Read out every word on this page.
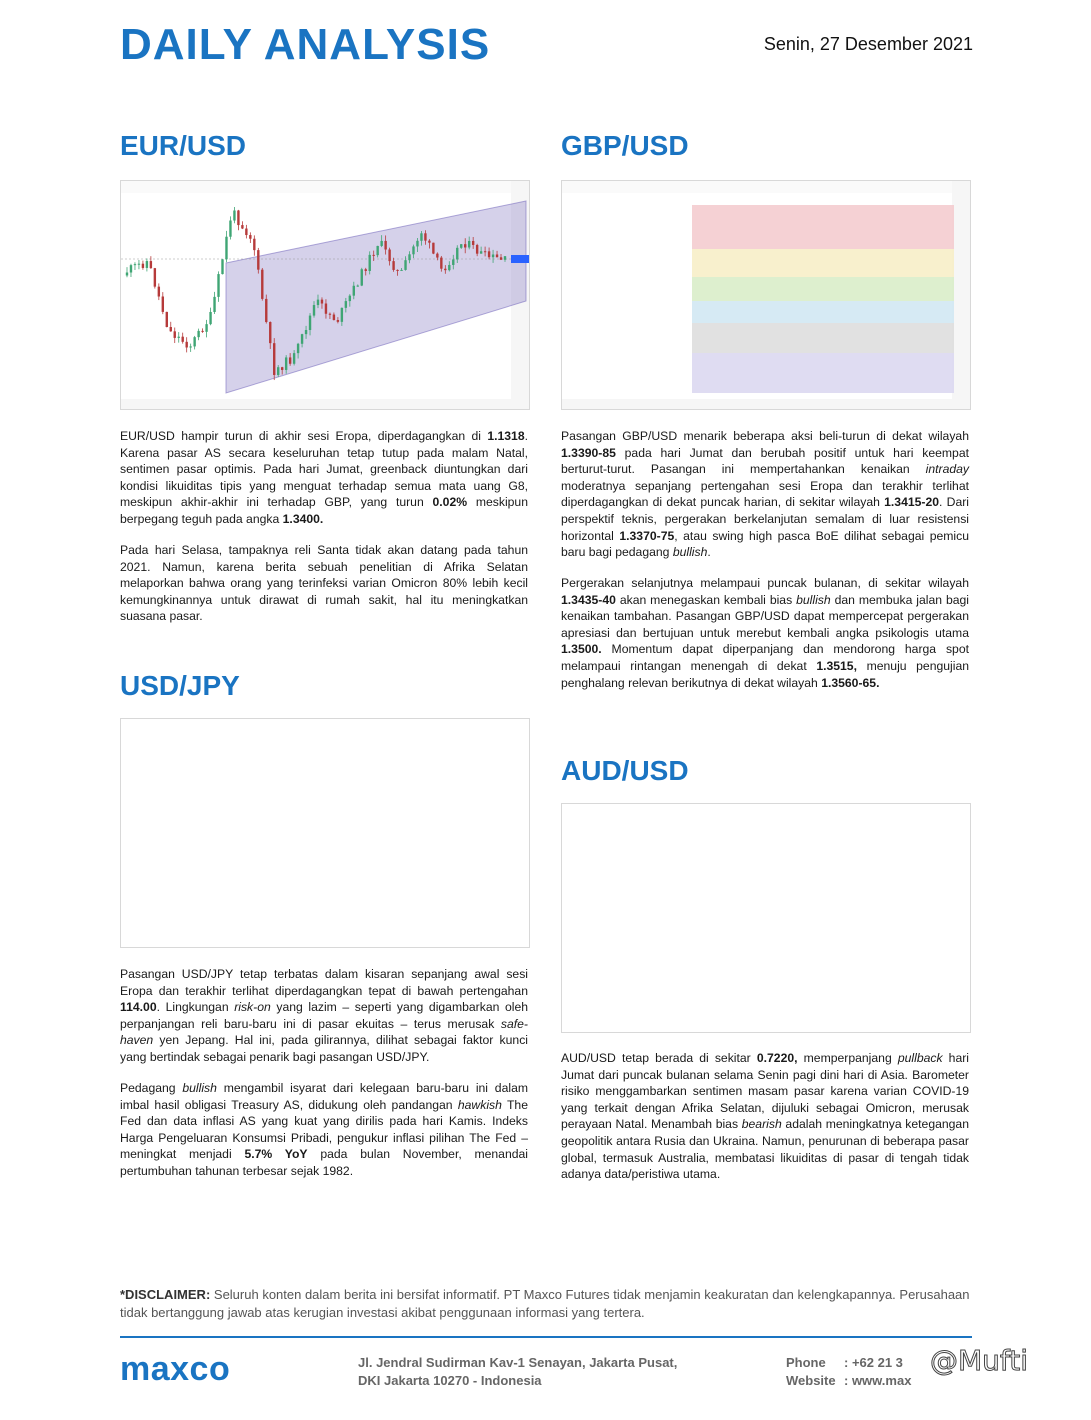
DAILY ANALYSIS	Senin, 27 Desember 2021
EUR/USD
EUR/USD hampir turun di akhir sesi Eropa, diperdagangkan di 1.1318. Karena pasar AS secara keseluruhan tetap tutup pada malam Natal, sentimen pasar optimis. Pada hari Jumat, greenback diuntungkan dari kondisi likuiditas tipis yang menguat terhadap semua mata uang G8, meskipun akhir-akhir ini terhadap GBP, yang turun 0.02% meskipun berpegang teguh pada angka 1.3400.
Pada hari Selasa, tampaknya reli Santa tidak akan datang pada tahun 2021. Namun, karena berita sebuah penelitian di Afrika Selatan melaporkan bahwa orang yang terinfeksi varian Omicron 80% lebih kecil kemungkinannya untuk dirawat di rumah sakit, hal itu meningkatkan suasana pasar.
GBP/USD
Pasangan GBP/USD menarik beberapa aksi beli-turun di dekat wilayah 1.3390-85 pada hari Jumat dan berubah positif untuk hari keempat berturut-turut. Pasangan ini mempertahankan kenaikan intraday moderatnya sepanjang pertengahan sesi Eropa dan terakhir terlihat diperdagangkan di dekat puncak harian, di sekitar wilayah 1.3415-20. Dari perspektif teknis, pergerakan berkelanjutan semalam di luar resistensi horizontal 1.3370-75, atau swing high pasca BoE dilihat sebagai pemicu baru bagi pedagang bullish.
Pergerakan selanjutnya melampaui puncak bulanan, di sekitar wilayah 1.3435-40 akan menegaskan kembali bias bullish dan membuka jalan bagi kenaikan tambahan. Pasangan GBP/USD dapat mempercepat pergerakan apresiasi dan bertujuan untuk merebut kembali angka psikologis utama 1.3500. Momentum dapat diperpanjang dan mendorong harga spot melampaui rintangan menengah di dekat 1.3515, menuju pengujian penghalang relevan berikutnya di dekat wilayah 1.3560-65.
USD/JPY
Pasangan USD/JPY tetap terbatas dalam kisaran sepanjang awal sesi Eropa dan terakhir terlihat diperdagangkan tepat di bawah pertengahan 114.00. Lingkungan risk-on yang lazim – seperti yang digambarkan oleh perpanjangan reli baru-baru ini di pasar ekuitas – terus merusak safe-haven yen Jepang. Hal ini, pada gilirannya, dilihat sebagai faktor kunci yang bertindak sebagai penarik bagi pasangan USD/JPY.
Pedagang bullish mengambil isyarat dari kelegaan baru-baru ini dalam imbal hasil obligasi Treasury AS, didukung oleh pandangan hawkish The Fed dan data inflasi AS yang kuat yang dirilis pada hari Kamis. Indeks Harga Pengeluaran Konsumsi Pribadi, pengukur inflasi pilihan The Fed – meningkat menjadi 5.7% YoY pada bulan November, menandai pertumbuhan tahunan terbesar sejak 1982.
AUD/USD
AUD/USD tetap berada di sekitar 0.7220, memperpanjang pullback hari Jumat dari puncak bulanan selama Senin pagi dini hari di Asia. Barometer risiko menggambarkan sentimen masam pasar karena varian COVID-19 yang terkait dengan Afrika Selatan, dijuluki sebagai Omicron, merusak perayaan Natal. Menambah bias bearish adalah meningkatnya ketegangan geopolitik antara Rusia dan Ukraina. Namun, penurunan di beberapa pasar global, termasuk Australia, membatasi likuiditas di pasar di tengah tidak adanya data/peristiwa utama.

*DISCLAIMER: Seluruh konten dalam berita ini bersifat informatif. PT Maxco Futures tidak menjamin keakuratan dan kelengkapannya. Perusahaan tidak bertanggung jawab atas kerugian investasi akibat penggunaan informasi yang tertera.

maxco	Jl. Jendral Sudirman Kav-1 Senayan, Jakarta Pusat,
DKI Jakarta 10270 - Indonesia
Phone : +62 21 3
Website : www.max
@Mufti
